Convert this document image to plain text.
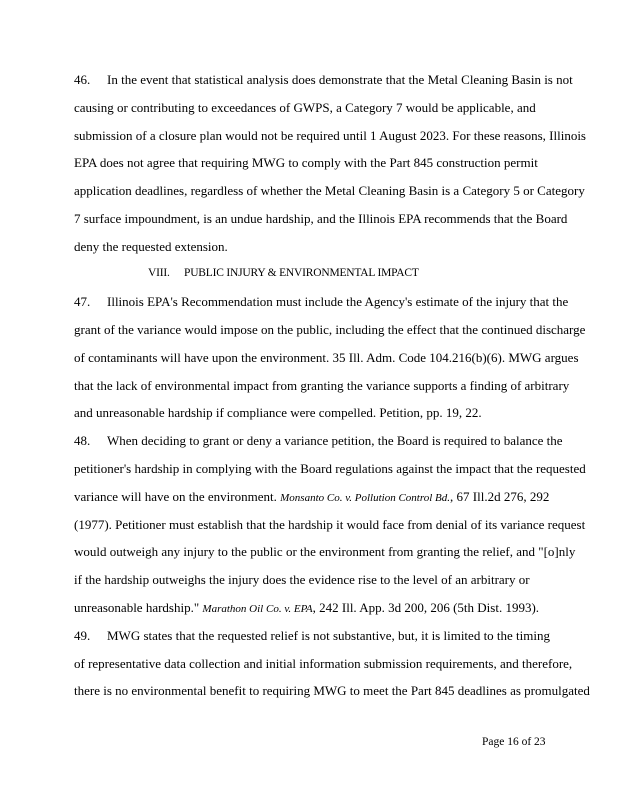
46. In the event that statistical analysis does demonstrate that the Metal Cleaning Basin is not
causing or contributing to exceedances of GWPS, a Category 7 would be applicable, and
submission of a closure plan would not be required until 1 August 2023. For these reasons, Illinois
EPA does not agree that requiring MWG to comply with the Part 845 construction permit
application deadlines, regardless of whether the Metal Cleaning Basin is a Category 5 or Category
7 surface impoundment, is an undue hardship, and the Illinois EPA recommends that the Board
deny the requested extension.
VIII. PUBLIC INJURY & ENVIRONMENTAL IMPACT
47. Illinois EPA's Recommendation must include the Agency's estimate of the injury that the
grant of the variance would impose on the public, including the effect that the continued discharge
of contaminants will have upon the environment. 35 Ill. Adm. Code 104.216(b)(6). MWG argues
that the lack of environmental impact from granting the variance supports a finding of arbitrary
and unreasonable hardship if compliance were compelled. Petition, pp. 19, 22.
48. When deciding to grant or deny a variance petition, the Board is required to balance the
petitioner's hardship in complying with the Board regulations against the impact that the requested
variance will have on the environment. Monsanto Co. v. Pollution Control Bd., 67 Ill.2d 276, 292
(1977). Petitioner must establish that the hardship it would face from denial of its variance request
would outweigh any injury to the public or the environment from granting the relief, and "[o]nly
if the hardship outweighs the injury does the evidence rise to the level of an arbitrary or
unreasonable hardship." Marathon Oil Co. v. EPA, 242 Ill. App. 3d 200, 206 (5th Dist. 1993).
49. MWG states that the requested relief is not substantive, but, it is limited to the timing
of representative data collection and initial information submission requirements, and therefore,
there is no environmental benefit to requiring MWG to meet the Part 845 deadlines as promulgated
Page 16 of 23
